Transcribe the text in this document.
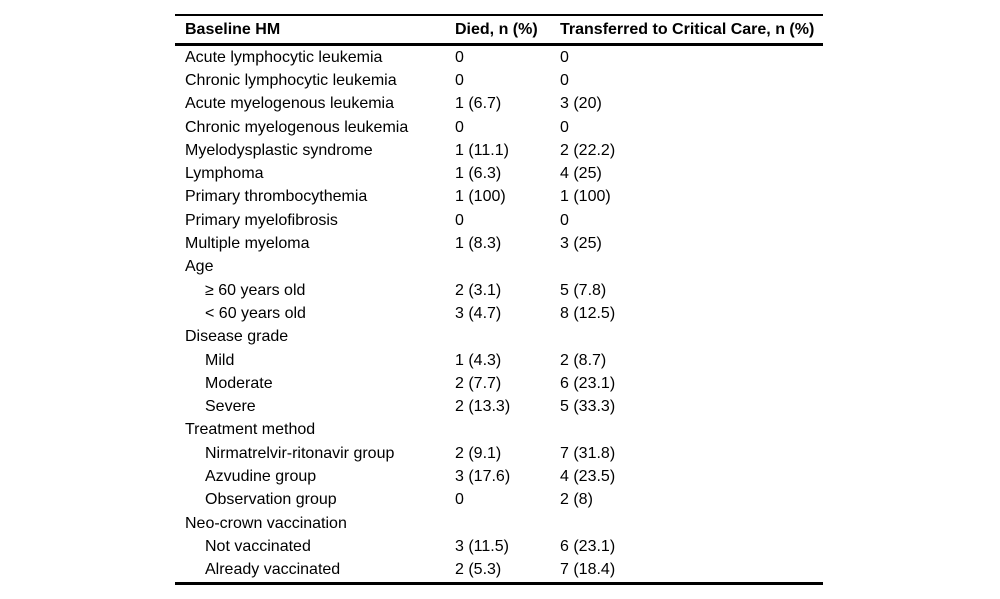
Baseline HM	Died, n (%)	Transferred to Critical Care, n (%)
Acute lymphocytic leukemia	0	0
Chronic lymphocytic leukemia	0	0
Acute myelogenous leukemia	1 (6.7)	3 (20)
Chronic myelogenous leukemia	0	0
Myelodysplastic syndrome	1 (11.1)	2 (22.2)
Lymphoma	1 (6.3)	4 (25)
Primary thrombocythemia	1 (100)	1 (100)
Primary myelofibrosis	0	0
Multiple myeloma	1 (8.3)	3 (25)
Age		
≥ 60 years old	2 (3.1)	5 (7.8)
< 60 years old	3 (4.7)	8 (12.5)
Disease grade		
Mild	1 (4.3)	2 (8.7)
Moderate	2 (7.7)	6 (23.1)
Severe	2 (13.3)	5 (33.3)
Treatment method		
Nirmatrelvir-ritonavir group	2 (9.1)	7 (31.8)
Azvudine group	3 (17.6)	4 (23.5)
Observation group	0	2 (8)
Neo-crown vaccination		
Not vaccinated	3 (11.5)	6 (23.1)
Already vaccinated	2 (5.3)	7 (18.4)
